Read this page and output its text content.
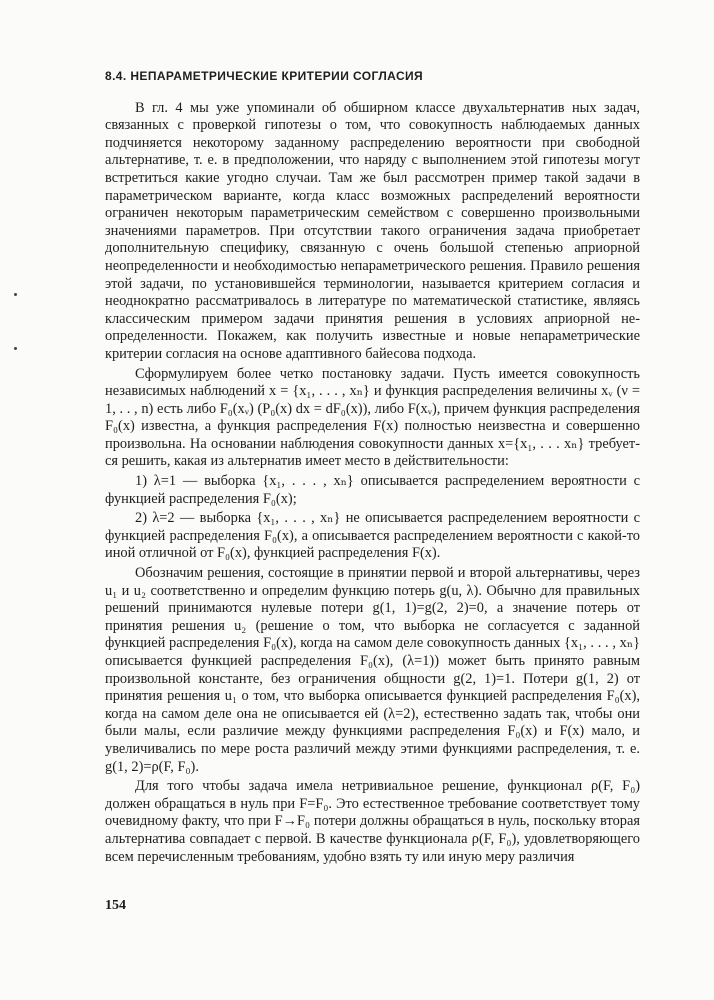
8.4. НЕПАРАМЕТРИЧЕСКИЕ КРИТЕРИИ СОГЛАСИЯ

В гл. 4 мы уже упоминали об обширном классе двухальтернатив ных задач, связанных с проверкой гипотезы о том, что совокупность наблюдаемых данных подчиняется некоторому заданному распределению вероятности при свободной альтернативе, т. е. в предположении, что наряду с выполнением этой гипотезы могут встретиться какие угодно случаи. Там же был рассмотрен пример такой задачи в параметрическом варианте, когда класс возможных распределений вероятности ограничен некоторым параметрическим семейством с совершенно произвольными значениями параметров. При отсутствии такого ограничения задача приобретает дополнительную специфику, связанную с очень большой степенью априорной неопределенности и необходимостью непараметрического решения. Правило решения этой задачи, по установившейся терминологии, называется критерием согласия и неоднократно рассматривалось в литературе по математической статистике, являясь классическим примером задачи принятия решения в условиях априорной неопределенности. Покажем, как получить известные и новые непараметрические критерии согласия на основе адаптивного байесова подхода.

Сформулируем более четко постановку задачи. Пусть имеется совокупность независимых наблюдений x = {x₁, . . . , xₙ} и функция распределения величины xᵥ (ν = 1, . . , n) есть либо F₀(xᵥ) (P₀(x) dx = dF₀(x)), либо F(xᵥ), причем функция распределения F₀(x) известна, а функция распределения F(x) полностью неизвестна и совершенно произвольна. На основании наблюдения совокупности данных x={x₁, . . . xₙ} требуется решить, какая из альтернатив имеет место в действительности:

1) λ=1 — выборка {x₁, . . . , xₙ} описывается распределением вероятности с функцией распределения F₀(x);

2) λ=2 — выборка {x₁, . . . , xₙ} не описывается распределением вероятности с функцией распределения F₀(x), а описывается распределением вероятности с какой-то иной отличной от F₀(x), функцией распределения F(x).

Обозначим решения, состоящие в принятии первой и второй альтернативы, через u₁ и u₂ соответственно и определим функцию потерь g(u, λ). Обычно для правильных решений принимаются нулевые потери g(1, 1)=g(2, 2)=0, а значение потерь от принятия решения u₂ (решение о том, что выборка не согласуется с заданной функцией распределения F₀(x), когда на самом деле совокупность данных {x₁, . . . , xₙ} описывается функцией распределения F₀(x), (λ=1)) может быть принято равным произвольной константе, без ограничения общности g(2, 1)=1. Потери g(1, 2) от принятия решения u₁ о том, что выборка описывается функцией распределения F₀(x), когда на самом деле она не описывается ей (λ=2), естественно задать так, чтобы они были малы, если различие между функциями распределения F₀(x) и F(x) мало, и увеличивались по мере роста различий между этими функциями распределения, т. е. g(1, 2)=ρ(F, F₀).

Для того чтобы задача имела нетривиальное решение, функционал ρ(F, F₀) должен обращаться в нуль при F=F₀. Это естественное требование соответствует тому очевидному факту, что при F→F₀ потери должны обращаться в нуль, поскольку вторая альтернатива совпадает с первой. В качестве функционала ρ(F, F₀), удовлетворяющего всем перечисленным требованиям, удобно взять ту или иную меру различия

154
